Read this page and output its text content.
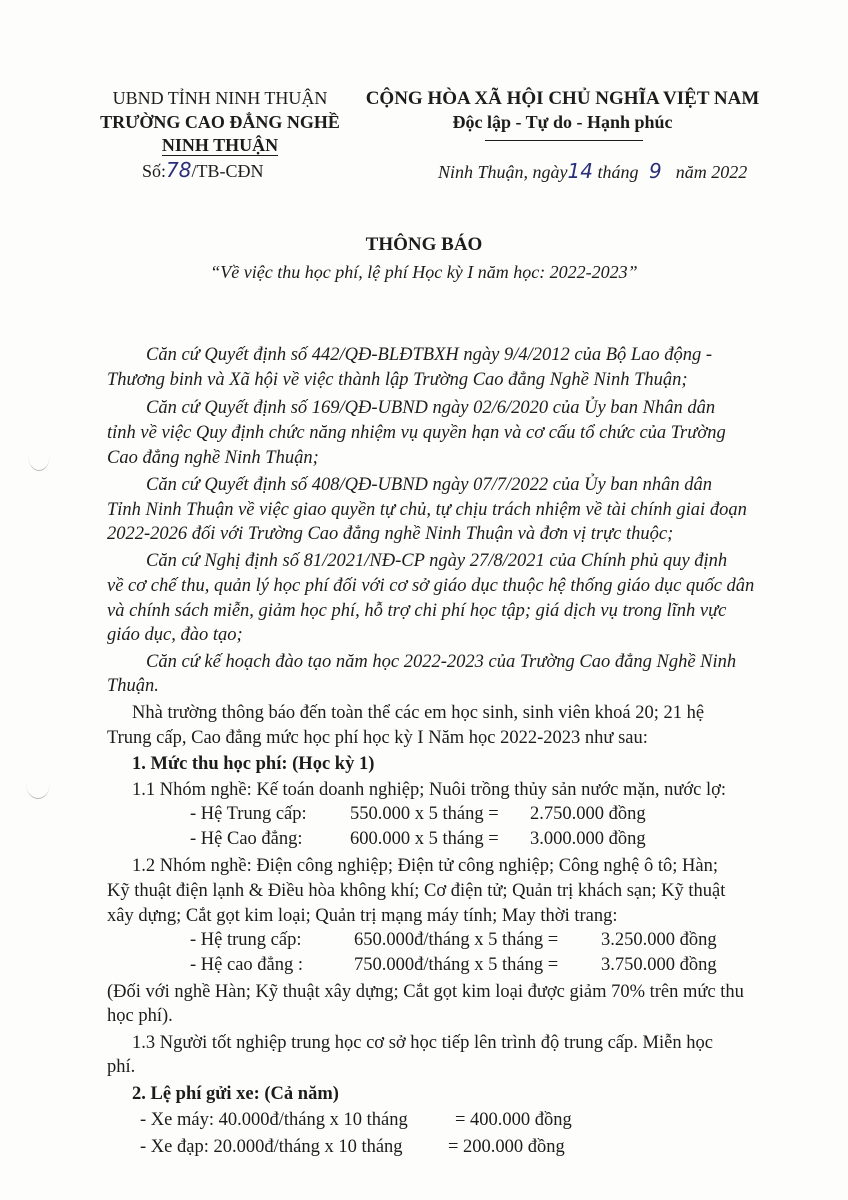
UBND TỈNH NINH THUẬN
TRƯỜNG CAO ĐẲNG NGHỀ
NINH THUẬN
Số:78/TB-CĐN
CỘNG HÒA XÃ HỘI CHỦ NGHĨA VIỆT NAM
Độc lập - Tự do - Hạnh phúc
Ninh Thuận, ngày14 tháng 9 năm 2022
THÔNG BÁO
“Về việc thu học phí, lệ phí Học kỳ I năm học: 2022-2023”
Căn cứ Quyết định số 442/QĐ-BLĐTBXH ngày 9/4/2012 của Bộ Lao động -
Thương binh và Xã hội về việc thành lập Trường Cao đẳng Nghề Ninh Thuận;
Căn cứ Quyết định số 169/QĐ-UBND ngày 02/6/2020 của Ủy ban Nhân dân
tỉnh về việc Quy định chức năng nhiệm vụ quyền hạn và cơ cấu tổ chức của Trường
Cao đẳng nghề Ninh Thuận;
Căn cứ Quyết định số 408/QĐ-UBND ngày 07/7/2022 của Ủy ban nhân dân
Tỉnh Ninh Thuận về việc giao quyền tự chủ, tự chịu trách nhiệm về tài chính giai đoạn
2022-2026 đối với Trường Cao đẳng nghề Ninh Thuận và đơn vị trực thuộc;
Căn cứ Nghị định số 81/2021/NĐ-CP ngày 27/8/2021 của Chính phủ quy định
về cơ chế thu, quản lý học phí đối với cơ sở giáo dục thuộc hệ thống giáo dục quốc dân
và chính sách miễn, giảm học phí, hỗ trợ chi phí học tập; giá dịch vụ trong lĩnh vực
giáo dục, đào tạo;
Căn cứ kế hoạch đào tạo năm học 2022-2023 của Trường Cao đẳng Nghề Ninh
Thuận.
Nhà trường thông báo đến toàn thể các em học sinh, sinh viên khoá 20; 21 hệ
Trung cấp, Cao đẳng mức học phí học kỳ I Năm học 2022-2023 như sau:
1. Mức thu học phí: (Học kỳ 1)
1.1 Nhóm nghề: Kế toán doanh nghiệp; Nuôi trồng thủy sản nước mặn, nước lợ:
- Hệ Trung cấp: 550.000 x 5 tháng = 2.750.000 đồng
- Hệ Cao đẳng:	600.000 x 5 tháng = 3.000.000 đồng
1.2 Nhóm nghề: Điện công nghiệp; Điện tử công nghiệp; Công nghệ ô tô; Hàn;
Kỹ thuật điện lạnh & Điều hòa không khí; Cơ điện tử; Quản trị khách sạn; Kỹ thuật
xây dựng; Cắt gọt kim loại; Quản trị mạng máy tính; May thời trang:
- Hệ trung cấp:	650.000đ/tháng x 5 tháng = 3.250.000 đồng
- Hệ cao đẳng :	750.000đ/tháng x 5 tháng = 3.750.000 đồng
(Đối với nghề Hàn; Kỹ thuật xây dựng; Cắt gọt kim loại được giảm 70% trên mức thu
học phí).
1.3 Người tốt nghiệp trung học cơ sở học tiếp lên trình độ trung cấp. Miễn học
phí.
2. Lệ phí gửi xe: (Cả năm)
- Xe máy: 40.000đ/tháng x 10 tháng	= 400.000 đồng
- Xe đạp: 20.000đ/tháng x 10 tháng = 200.000 đồng
